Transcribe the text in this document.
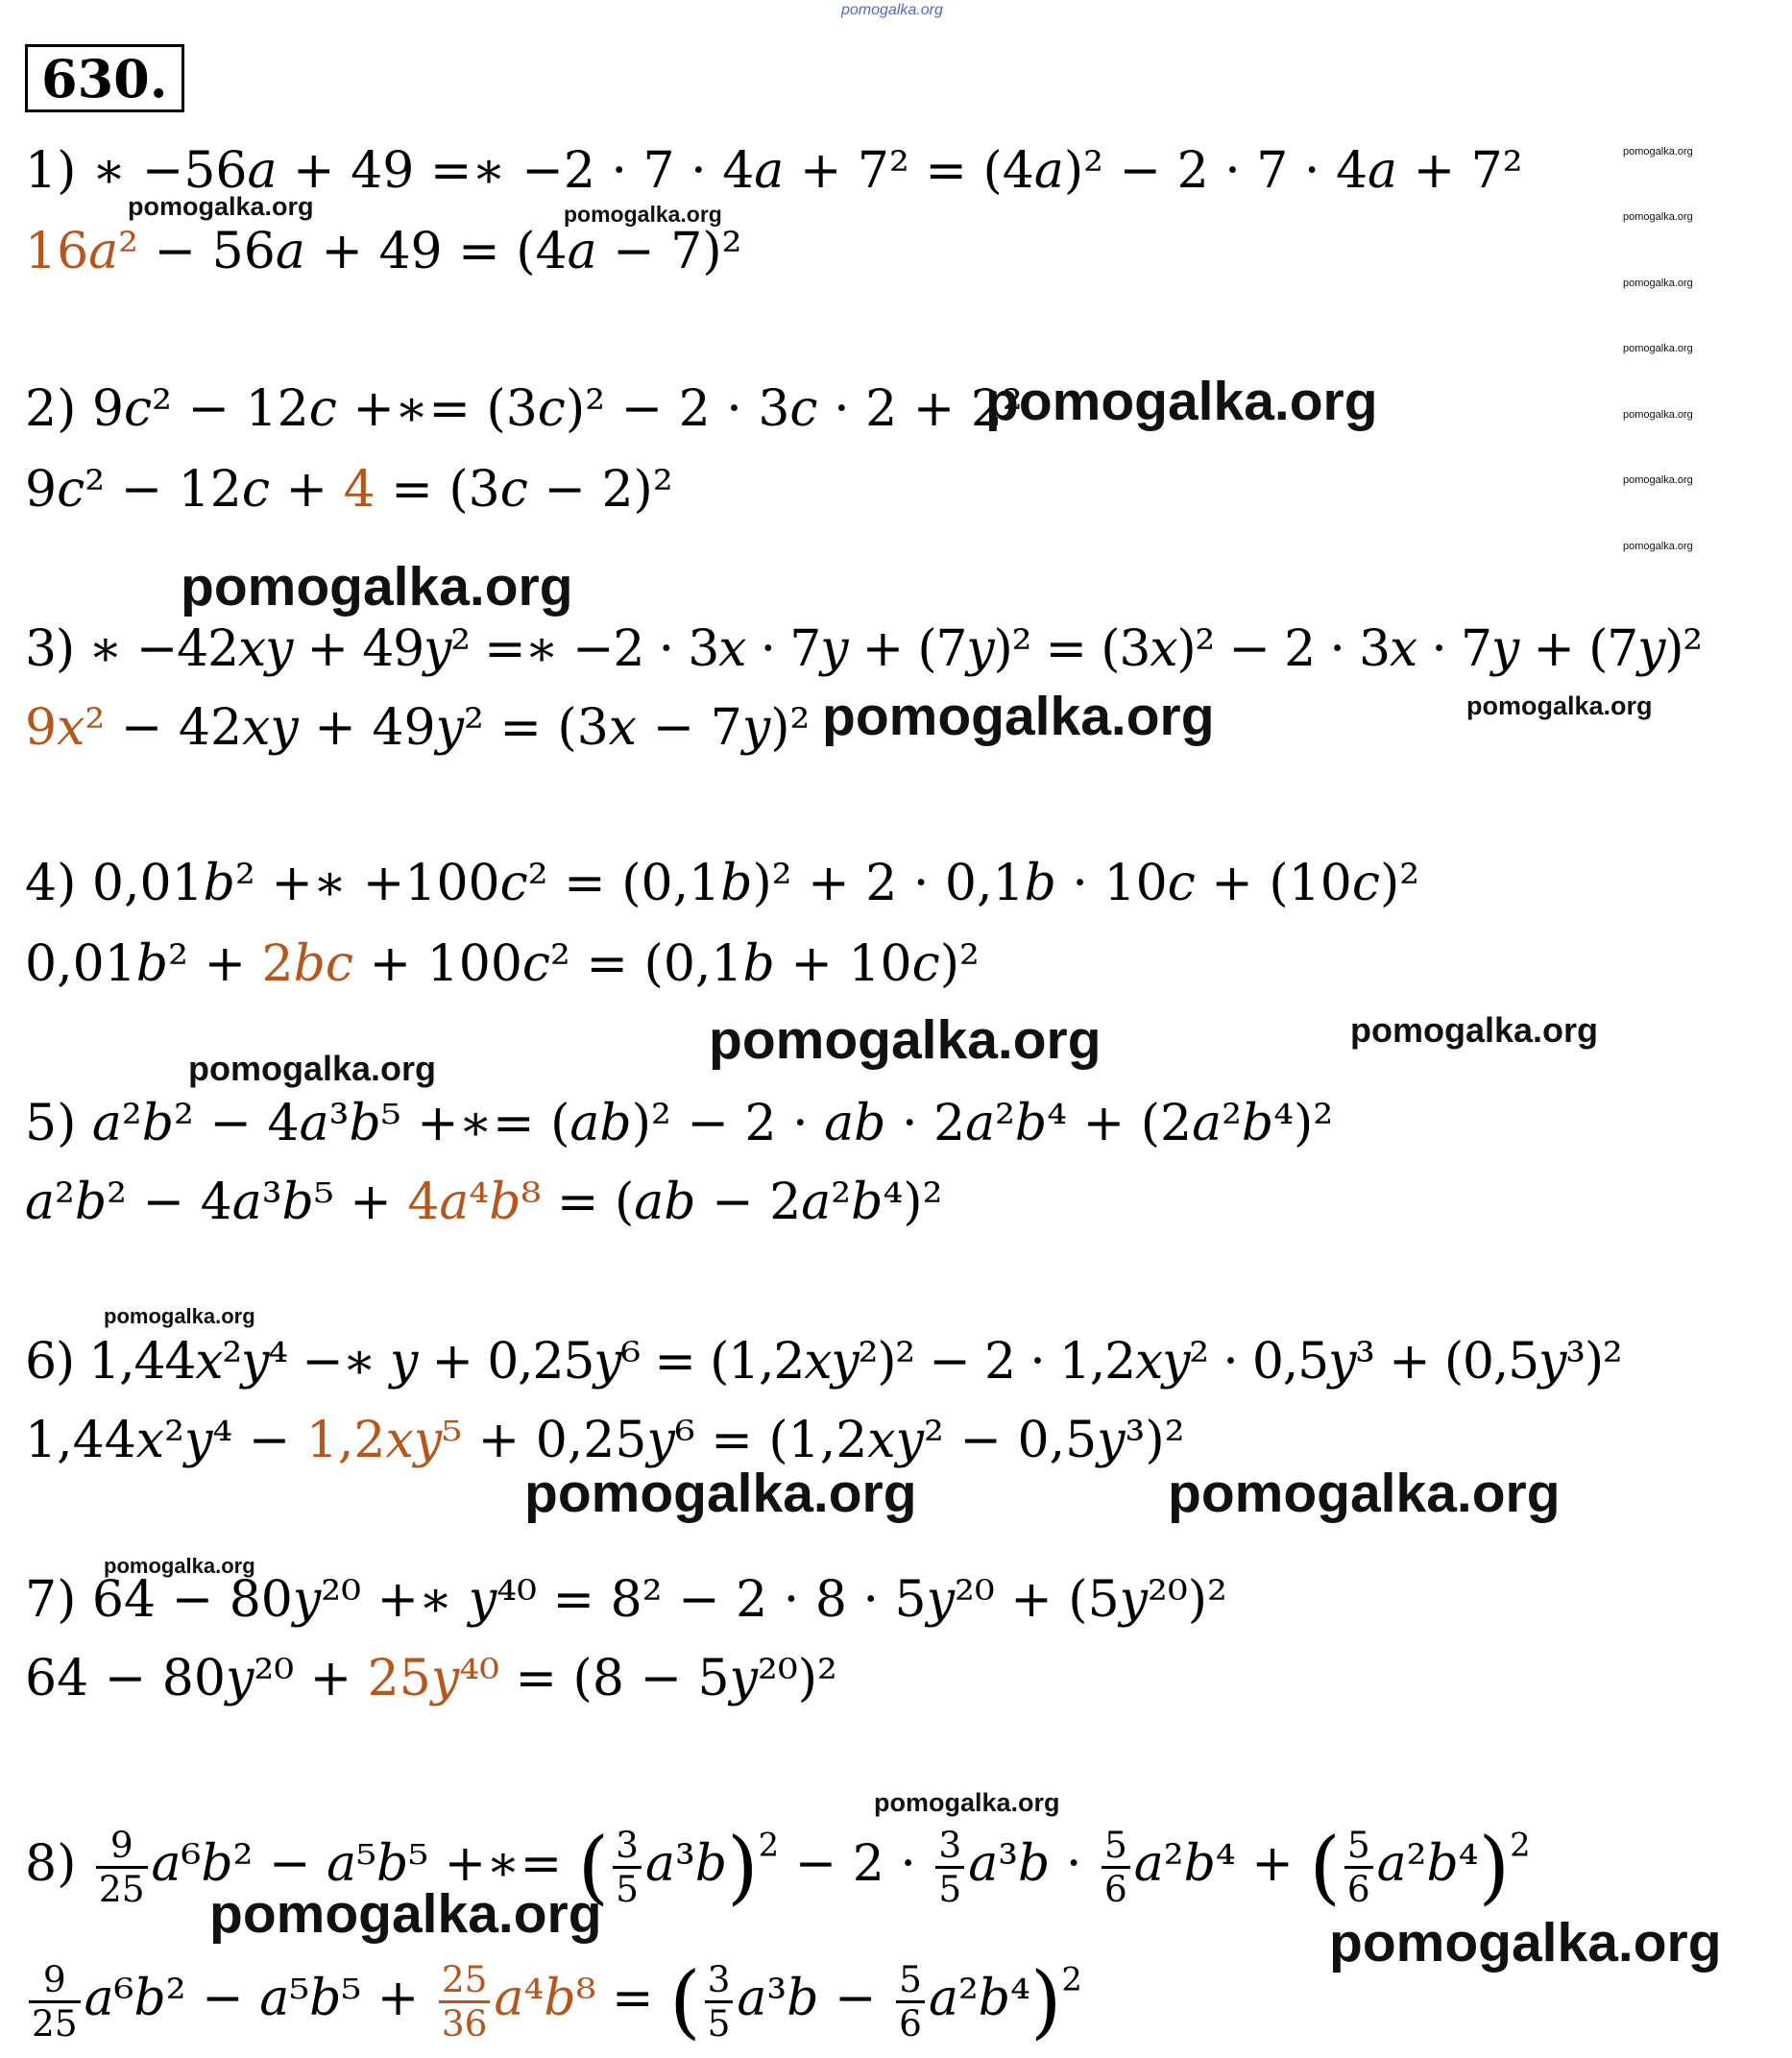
pomogalka.org
630.
pomogalka.org
pomogalka.org
pomogalka.org
pomogalka.org
pomogalka.org
pomogalka.org
pomogalka.org
1) ∗ −56𝑎 + 49 =∗ −2 · 7 · 4𝑎 + 7² = (4𝑎)² − 2 · 7 · 4𝑎 + 7²
pomogalka.org	pomogalka.org
16𝑎² − 56𝑎 + 49 = (4𝑎 − 7)²
2) 9𝑐² − 12𝑐 +∗= (3𝑐)² − 2 · 3𝑐 · 2 + 2²
pomogalka.org
9𝑐² − 12𝑐 + 4 = (3𝑐 − 2)²
pomogalka.org
3) ∗ −42𝑥𝑦 + 49𝑦² =∗ −2 · 3𝑥 · 7𝑦 + (7𝑦)² = (3𝑥)² − 2 · 3𝑥 · 7𝑦 + (7𝑦)²
9𝑥² − 42𝑥𝑦 + 49𝑦² = (3𝑥 − 7𝑦)² pomogalka.org	pomogalka.org
4) 0,01𝑏² +∗ +100𝑐² = (0,1𝑏)² + 2 · 0,1𝑏 · 10𝑐 + (10𝑐)²
0,01𝑏² + 2𝑏𝑐 + 100𝑐² = (0,1𝑏 + 10𝑐)²
pomogalka.org	pomogalka.org
pomogalka.org
5) 𝑎²𝑏² − 4𝑎³𝑏⁵ +∗= (𝑎𝑏)² − 2 · 𝑎𝑏 · 2𝑎²𝑏⁴ + (2𝑎²𝑏⁴)²
𝑎²𝑏² − 4𝑎³𝑏⁵ + 4𝑎⁴𝑏⁸ = (𝑎𝑏 − 2𝑎²𝑏⁴)²
pomogalka.org
6) 1,44𝑥²𝑦⁴ −∗ 𝑦 + 0,25𝑦⁶ = (1,2𝑥𝑦²)² − 2 · 1,2𝑥𝑦² · 0,5𝑦³ + (0,5𝑦³)²
1,44𝑥²𝑦⁴ − 1,2𝑥𝑦⁵ + 0,25𝑦⁶ = (1,2𝑥𝑦² − 0,5𝑦³)²
pomogalka.org	pomogalka.org
pomogalka.org
7) 64 − 80𝑦²⁰ +∗ 𝑦⁴⁰ = 8² − 2 · 8 · 5𝑦²⁰ + (5𝑦²⁰)²
64 − 80𝑦²⁰ + 25𝑦⁴⁰ = (8 − 5𝑦²⁰)²
pomogalka.org
$8) \frac{9}{25}$ 𝑎⁶𝑏² − 𝑎⁵𝑏⁵ +∗= ( $\frac{3}{5}$ 𝑎³𝑏)$^2$ − $2 \cdot \frac{3}{5}$ 𝑎³𝑏 · $\frac{5}{6}$ 𝑎²𝑏⁴ + ( $\frac{5}{6}$ 𝑎²𝑏⁴)$^2$
pomogalka.org	pomogalka.org
$\frac{9}{25}$ 𝑎⁶𝑏² − 𝑎⁵𝑏⁵ + $\frac{25}{36}$ 𝑎⁴𝑏⁸ = ( $\frac{3}{5}$ 𝑎³𝑏 − $\frac{5}{6}$ 𝑎²𝑏⁴)$^2$
